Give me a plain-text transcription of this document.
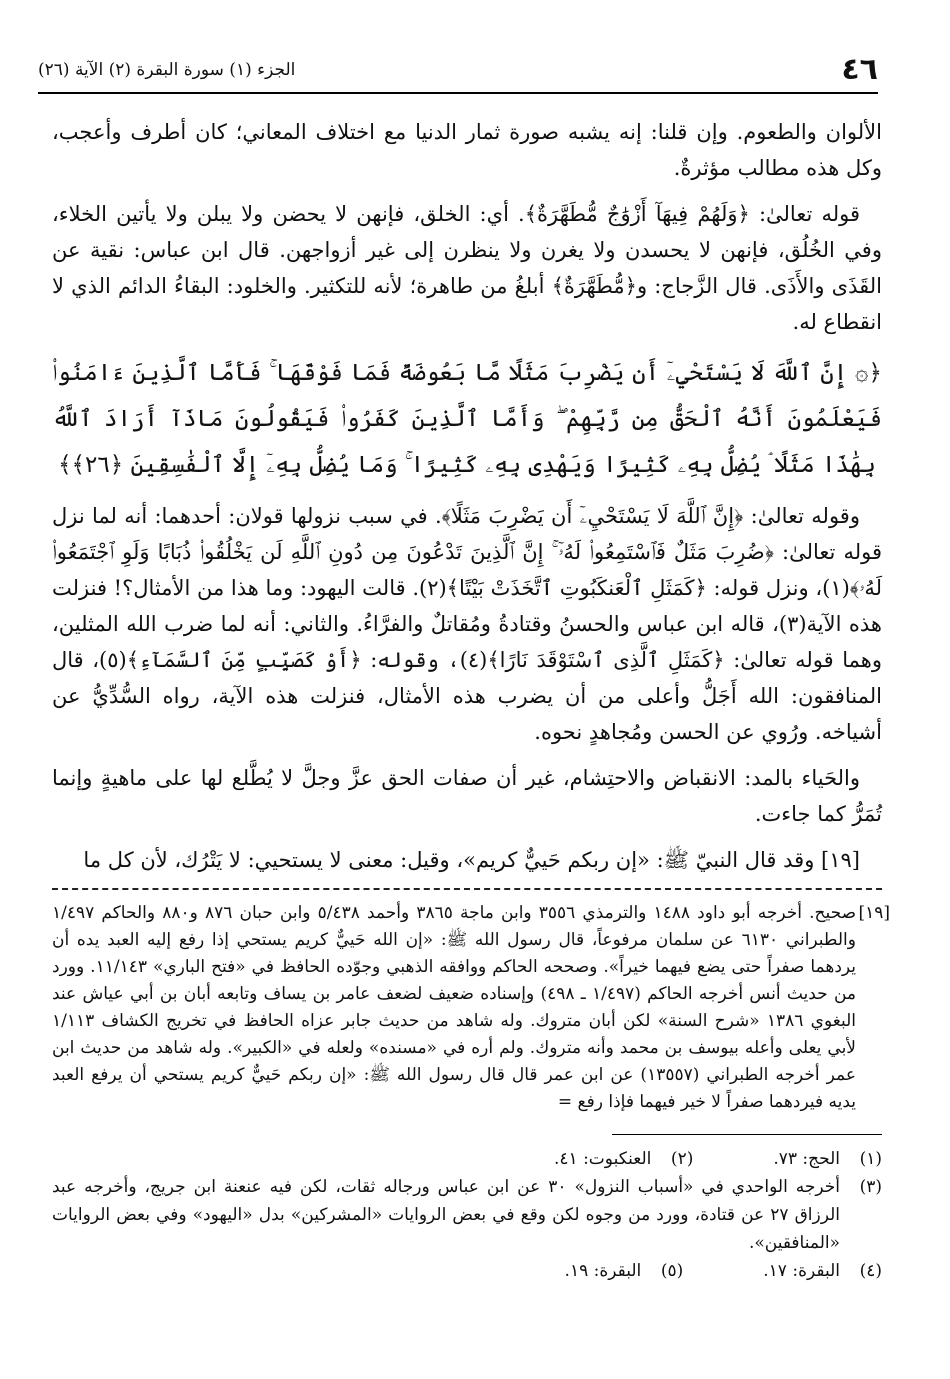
٤٦
الجزء (١) سورة البقرة (٢) الآية (٢٦)

الألوان والطعوم. وإن قلنا: إنه يشبه صورة ثمار الدنيا مع اختلاف المعاني؛ كان أطرف وأعجب، وكل هذه مطالب مؤثرةٌ.

قوله تعالىٰ: ﴿وَلَهُمْ فِيهَآ أَزْوَٰجٌ مُّطَهَّرَةٌ﴾. أي: الخلق، فإنهن لا يحضن ولا يبلن ولا يأتين الخلاء، وفي الخُلُق، فإنهن لا يحسدن ولا يغرن ولا ينظرن إلى غير أزواجهن. قال ابن عباس: نقية عن القَذَى والأَذَى. قال الزَّجاج: و﴿مُّطَهَّرَةٌ﴾ أبلغُ من طاهرة؛ لأنه للتكثير. والخلود: البقاءُ الدائم الذي لا انقطاع له.

﴿۞ إِنَّ ٱللَّهَ لَا يَسْتَحْيِۦٓ أَن يَضْرِبَ مَثَلًا مَّا بَعُوضَةً فَمَا فَوْقَهَا ۚ فَأَمَّا ٱلَّذِينَ ءَامَنُوا۟ فَيَعْلَمُونَ أَنَّهُ ٱلْحَقُّ مِن رَّبِّهِمْ ۖ وَأَمَّا ٱلَّذِينَ كَفَرُوا۟ فَيَقُولُونَ مَاذَآ أَرَادَ ٱللَّهُ بِهَٰذَا مَثَلًا ۘ يُضِلُّ بِهِۦ كَثِيرًا وَيَهْدِى بِهِۦ كَثِيرًا ۚ وَمَا يُضِلُّ بِهِۦٓ إِلَّا ٱلْفَٰسِقِينَ ﴿٢٦﴾﴾

وقوله تعالىٰ: ﴿إِنَّ ٱللَّهَ لَا يَسْتَحْيِۦٓ أَن يَضْرِبَ مَثَلًا﴾. في سبب نزولها قولان: أحدهما: أنه لما نزل قوله تعالىٰ: ﴿ضُرِبَ مَثَلٌ فَٱسْتَمِعُوا۟ لَهُۥٓ ۚ إِنَّ ٱلَّذِينَ تَدْعُونَ مِن دُونِ ٱللَّهِ لَن يَخْلُقُوا۟ ذُبَابًا وَلَوِ ٱجْتَمَعُوا۟ لَهُۥ﴾(١)، ونزل قوله: ﴿كَمَثَلِ ٱلْعَنكَبُوتِ ٱتَّخَذَتْ بَيْتًا﴾(٢). قالت اليهود: وما هذا من الأمثال؟! فنزلت هذه الآية(٣)، قاله ابن عباس والحسنُ وقتادةُ ومُقاتلٌ والفرَّاءُ. والثاني: أنه لما ضرب الله المثلين، وهما قوله تعالىٰ: ﴿كَمَثَلِ ٱلَّذِى ٱسْتَوْقَدَ نَارًا﴾(٤)، وقوله: ﴿أَوْ كَصَيِّبٍ مِّنَ ٱلسَّمَآءِ﴾(٥)، قال المنافقون: الله أَجَلُّ وأعلى من أن يضرب هذه الأمثال، فنزلت هذه الآية، رواه السُّدِّيُّ عن أشياخه. ورُوي عن الحسن ومُجاهدٍ نحوه.

والحَياء بالمد: الانقباض والاحتِشام، غير أن صفات الحق عزَّ وجلَّ لا يُطَّلع لها على ماهيةٍ وإنما تُمَرُّ كما جاءت.

[١٩] وقد قال النبيّ ﷺ: «إن ربكم حَييٌّ كريم»، وقيل: معنى لا يستحيي: لا يَتْرُك، لأن كل ما

[١٩]
صحيح. أخرجه أبو داود ١٤٨٨ والترمذي ٣٥٥٦ وابن ماجة ٣٨٦٥ وأحمد ٥/٤٣٨ وابن حبان ٨٧٦ و٨٨٠ والحاكم ١/٤٩٧ والطبراني ٦١٣٠ عن سلمان مرفوعاً، قال رسول الله ﷺ: «إن الله حَييٌّ كريم يستحي إذا رفع إليه العبد يده أن يردهما صفراً حتى يضع فيهما خيراً». وصححه الحاكم ووافقه الذهبي وجوّده الحافظ في «فتح الباري» ١١/١٤٣. وورد من حديث أنس أخرجه الحاكم (١/٤٩٧ ـ ٤٩٨) وإسناده ضعيف لضعف عامر بن يساف وتابعه أبان بن أبي عياش عند البغوي ١٣٨٦ «شرح السنة» لكن أبان متروك. وله شاهد من حديث جابر عزاه الحافظ في تخريج الكشاف ١/١١٣ لأبي يعلى وأعله بيوسف بن محمد وأنه متروك. ولم أره في «مسنده» ولعله في «الكبير». وله شاهد من حديث ابن عمر أخرجه الطبراني (١٣٥٥٧) عن ابن عمر قال قال رسول الله ﷺ: «إن ربكم حَييٌّ كريم يستحي أن يرفع العبد يديه فيردهما صفراً لا خير فيهما فإذا رفع =
(١)
الحج: ٧٣.
(٢)
العنكبوت: ٤١.
(٣)
أخرجه الواحدي في «أسباب النزول» ٣٠ عن ابن عباس ورجاله ثقات، لكن فيه عنعنة ابن جريج، وأخرجه عبد الرزاق ٢٧ عن قتادة، وورد من وجوه لكن وقع في بعض الروايات «المشركين» بدل «اليهود» وفي بعض الروايات «المنافقين».
(٤)
البقرة: ١٧.
(٥)
البقرة: ١٩.
